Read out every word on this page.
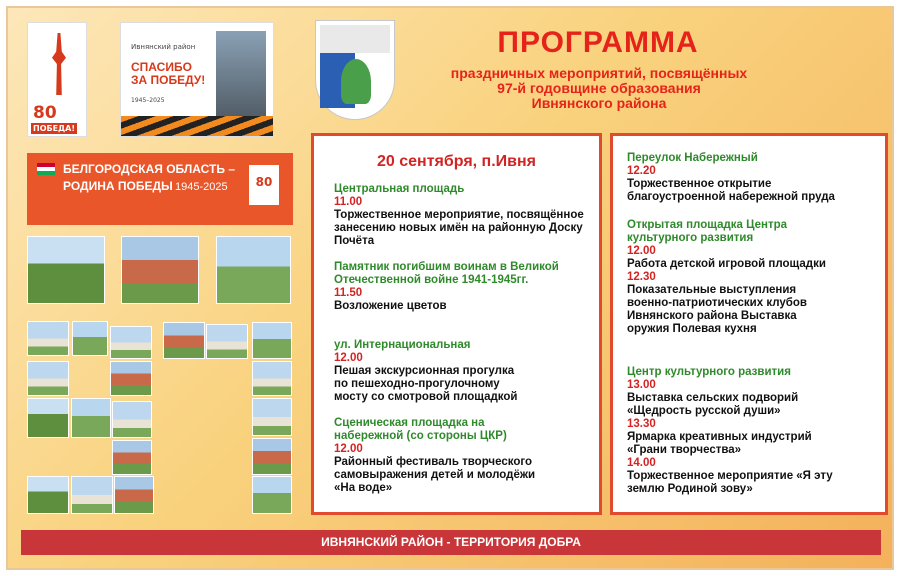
80
ПОБЕДА!
Ивнянский район
СПАСИБО ЗА ПОБЕДУ!
1945–2025
БЕЛГОРОДСКАЯ ОБЛАСТЬ – РОДИНА ПОБЕДЫ 1945-2025	80
ПРОГРАММА
праздничных мероприятий, посвящённых
97-й годовщине образования
Ивнянского района
20 сентября, п.Ивня
Центральная площадь
11.00
Торжественное мероприятие, посвящённое занесению новых имён на районную Доску Почёта
Памятник погибшим воинам в Великой Отечественной войне 1941-1945гг.
11.50
Возложение цветов
ул. Интернациональная
12.00
Пешая экскурсионная прогулка по пешеходно-прогулочному мосту со смотровой площадкой
Сценическая площадка на набережной (со стороны ЦКР)
12.00
Районный фестиваль творческого самовыражения детей и молодёжи «На воде»
Переулок Набережный
12.20
Торжественное открытие благоустроенной набережной пруда
Открытая площадка Центра культурного развития
12.00
Работа детской игровой площадки
12.30
Показательные выступления военно-патриотических клубов Ивнянского района Выставка оружия Полевая кухня
Центр культурного развития
13.00
Выставка сельских подворий «Щедрость русской души»
13.30
Ярмарка креативных индустрий «Грани творчества»
14.00
Торжественное мероприятие «Я эту землю Родиной зову»
ИВНЯНСКИЙ РАЙОН - ТЕРРИТОРИЯ ДОБРА
